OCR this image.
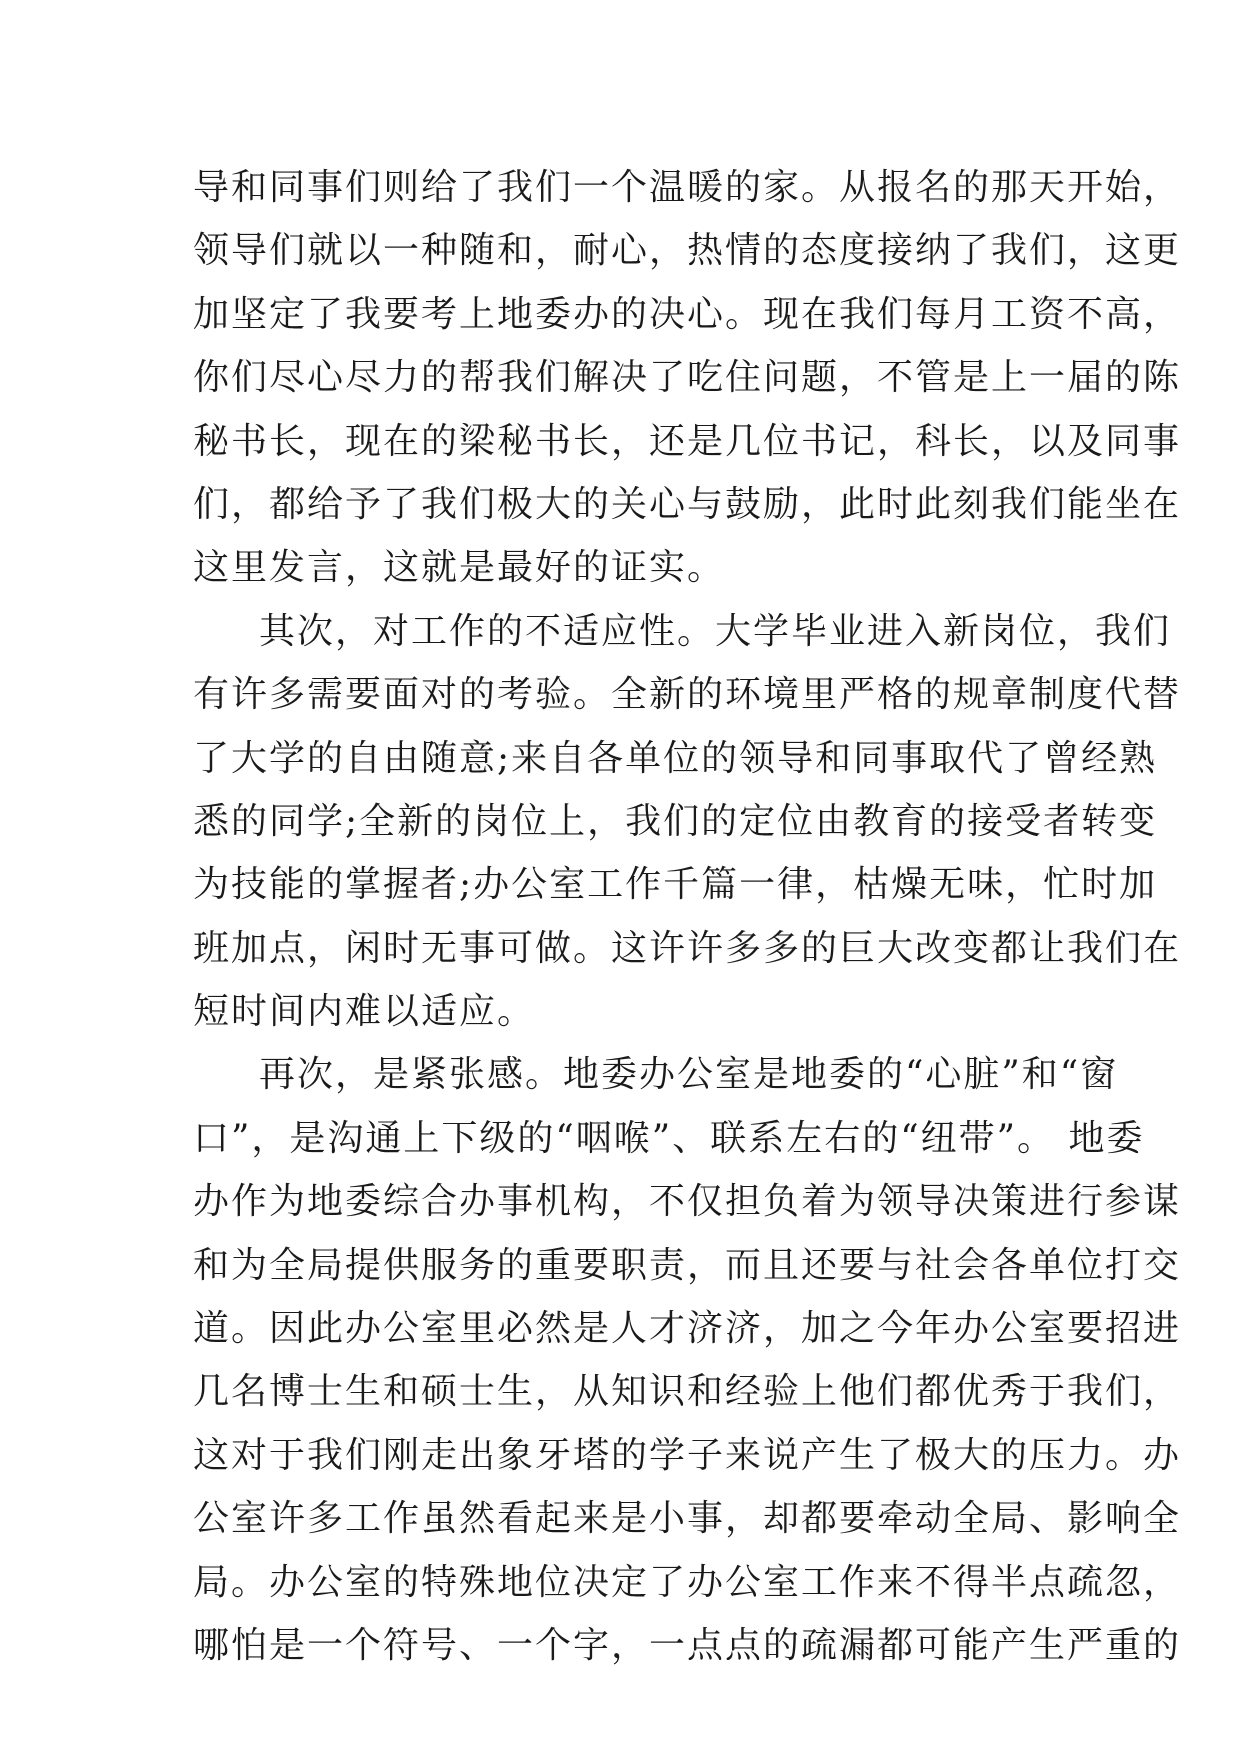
导和同事们则给了我们一个温暖的家。从报名的那天开始，
领导们就以一种随和，耐心，热情的态度接纳了我们，这更
加坚定了我要考上地委办的决心。现在我们每月工资不高，
你们尽心尽力的帮我们解决了吃住问题，不管是上一届的陈
秘书长，现在的梁秘书长，还是几位书记，科长，以及同事
们，都给予了我们极大的关心与鼓励，此时此刻我们能坐在
这里发言，这就是最好的证实。
其次，对工作的不适应性。大学毕业进入新岗位，我们
有许多需要面对的考验。全新的环境里严格的规章制度代替
了大学的自由随意;来自各单位的领导和同事取代了曾经熟
悉的同学;全新的岗位上，我们的定位由教育的接受者转变
为技能的掌握者;办公室工作千篇一律，枯燥无味，忙时加
班加点，闲时无事可做。这许许多多的巨大改变都让我们在
短时间内难以适应。
再次，是紧张感。地委办公室是地委的“心脏”和“窗
口”，是沟通上下级的“咽喉”、联系左右的“纽带”。 地委
办作为地委综合办事机构，不仅担负着为领导决策进行参谋
和为全局提供服务的重要职责，而且还要与社会各单位打交
道。因此办公室里必然是人才济济，加之今年办公室要招进
几名博士生和硕士生，从知识和经验上他们都优秀于我们，
这对于我们刚走出象牙塔的学子来说产生了极大的压力。办
公室许多工作虽然看起来是小事，却都要牵动全局、影响全
局。办公室的特殊地位决定了办公室工作来不得半点疏忽，
哪怕是一个符号、一个字，一点点的疏漏都可能产生严重的
